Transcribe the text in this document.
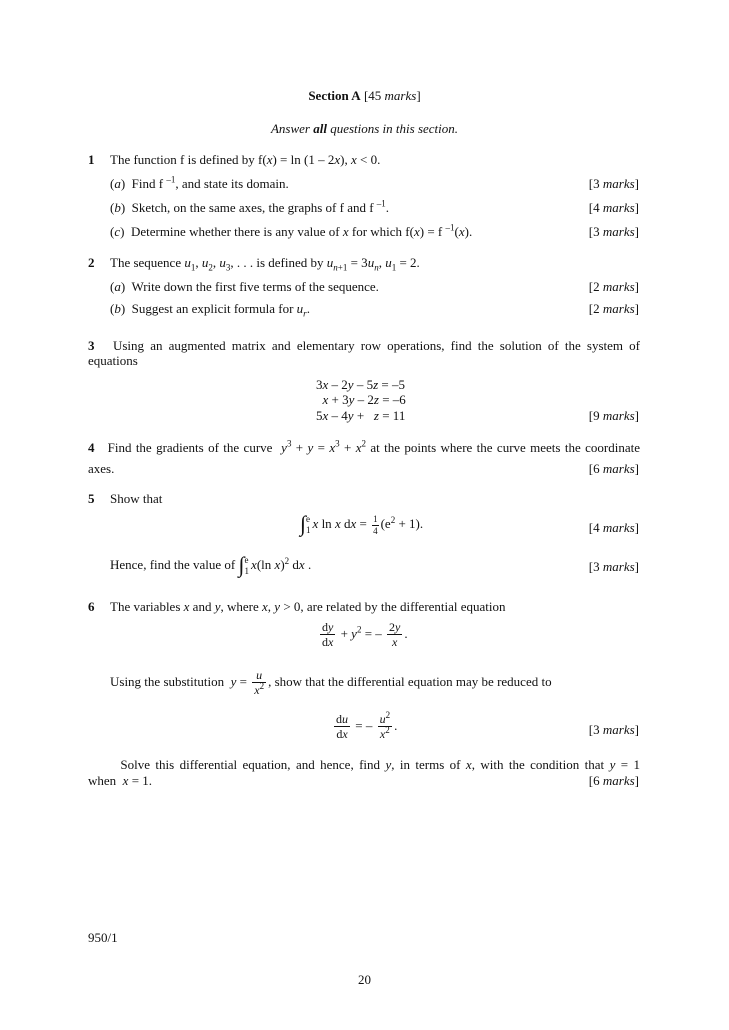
Section A [45 marks]
Answer all questions in this section.
1 The function f is defined by f(x) = ln (1 – 2x), x < 0.
(a)  Find f $^{-1}$, and state its domain.	[3 marks]
(b)  Sketch, on the same axes, the graphs of f and f $^{-1}$.	[4 marks]
(c)  Determine whether there is any value of x for which f(x) = f $^{-1}$(x).	[3 marks]
2 The sequence $u_1$, $u_2$, $u_3$, . . . is defined by $u_{n+1} = 3u_n$, $u_1 = 2$.
(a)  Write down the first five terms of the sequence.	[2 marks]
(b)  Suggest an explicit formula for $u_r$.	[2 marks]
3   Using an augmented matrix and elementary row operations, find the solution of the system of
equations
3x – 2y – 5z = –5
x + 3y – 2z = –6
5x – 4y +   z = 11	[9 marks]
4   Find the gradients of the curve  $y^3 + y = x^3 + x^2$ at the points where the curve meets the coordinate
axes.	[6 marks]
5 Show that
∫ e
1 x ln x dx = $\frac{1}{4} (e^2 + 1)$.	[4 marks]
Hence, find the value of ∫ e
1 x(ln x)$^2$ dx .	[3 marks]
6 The variables x and y, where x, y > 0, are related by the differential equation
$\frac{dy}{dx} + y^2$ = – $\frac{2y}{x}$ .
Using the substitution  $y = \frac{u}{x^2}$ , show that the differential equation may be reduced to
$\frac{du}{dx}$ = – $\frac{u^2}{x^2}$ .	[3 marks]
Solve this differential equation, and hence, find y, in terms of x, with the condition that y = 1
when  x = 1.	[6 marks]
950/1
20
